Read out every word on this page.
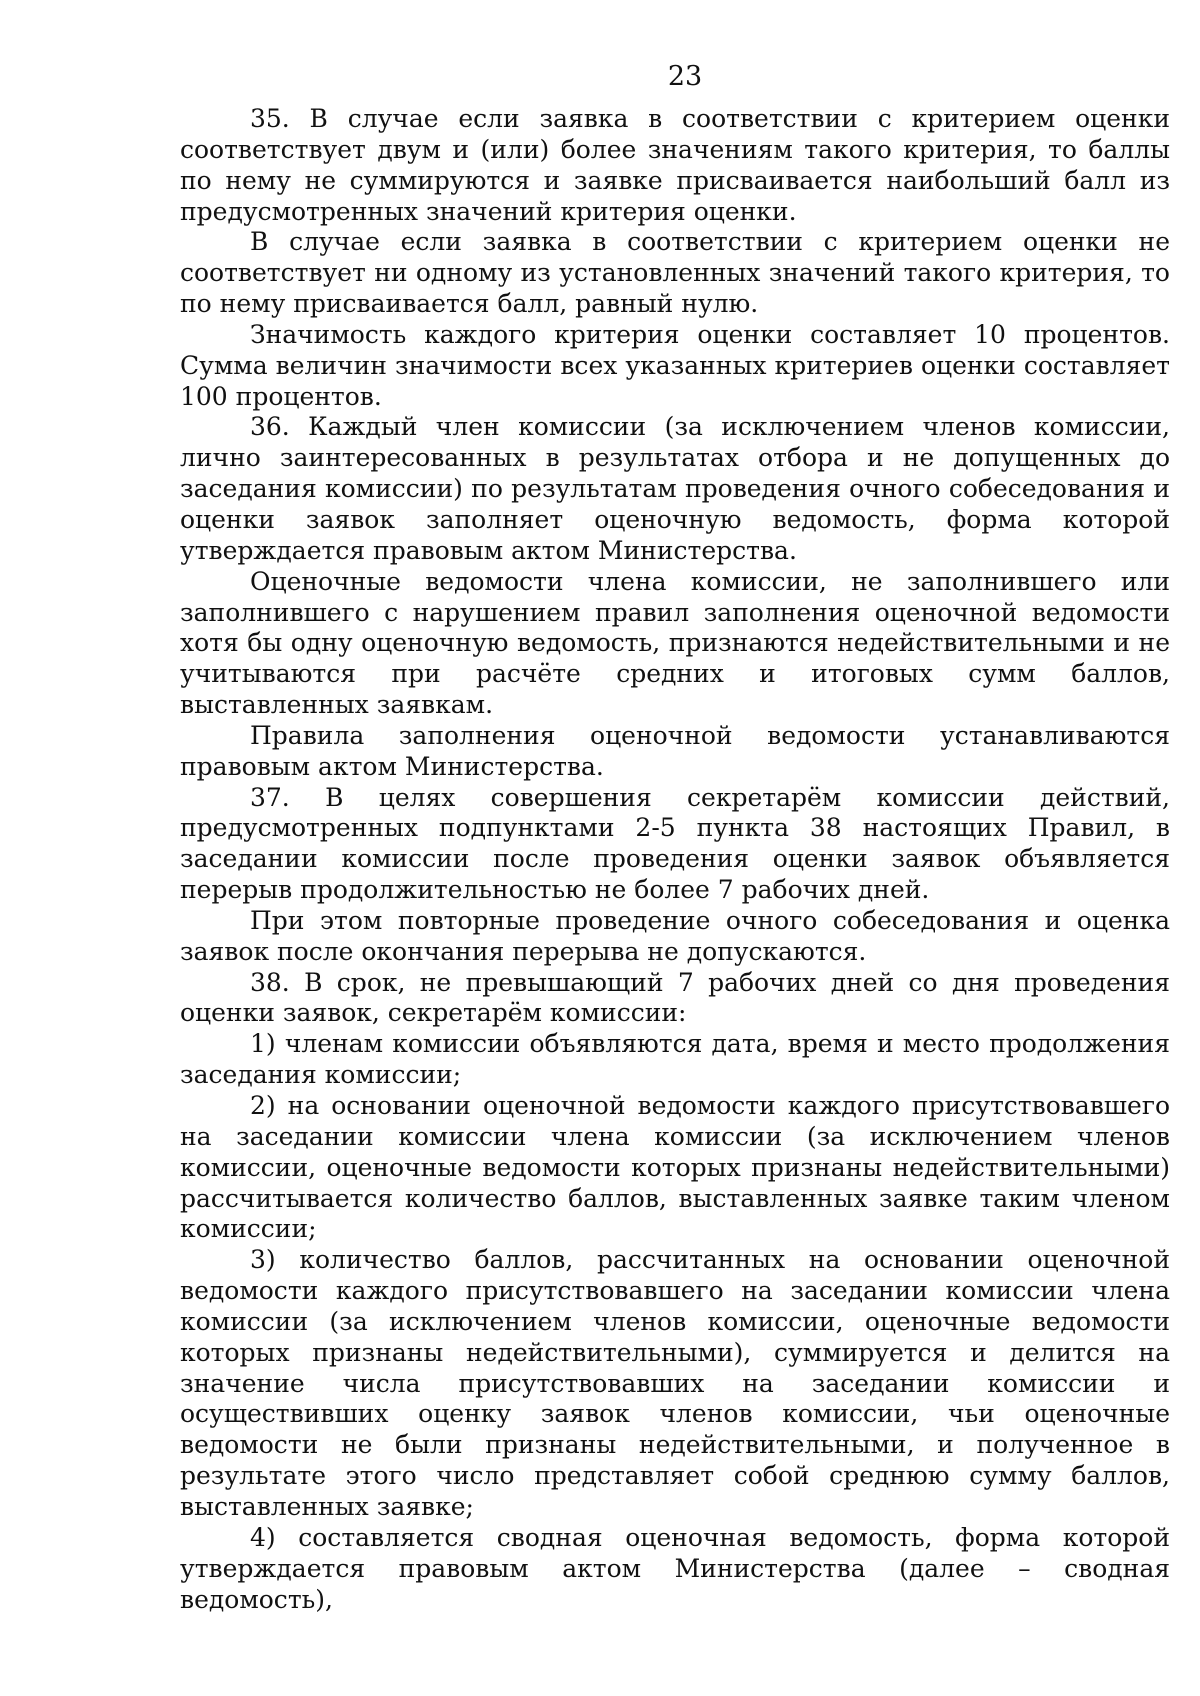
23

35. В случае если заявка в соответствии с критерием оценки соответствует двум и (или) более значениям такого критерия, то баллы по нему не суммируются и заявке присваивается наибольший балл из предусмотренных значений критерия оценки.

В случае если заявка в соответствии с критерием оценки не соответствует ни одному из установленных значений такого критерия, то по нему присваивается балл, равный нулю.

Значимость каждого критерия оценки составляет 10 процентов. Сумма величин значимости всех указанных критериев оценки составляет 100 процентов.

36. Каждый член комиссии (за исключением членов комиссии, лично заинтересованных в результатах отбора и не допущенных до заседания комиссии) по результатам проведения очного собеседования и оценки заявок заполняет оценочную ведомость, форма которой утверждается правовым актом Министерства.

Оценочные ведомости члена комиссии, не заполнившего или заполнившего с нарушением правил заполнения оценочной ведомости хотя бы одну оценочную ведомость, признаются недействительными и не учитываются при расчёте средних и итоговых сумм баллов, выставленных заявкам.

Правила заполнения оценочной ведомости устанавливаются правовым актом Министерства.

37. В целях совершения секретарём комиссии действий, предусмотренных подпунктами 2-5 пункта 38 настоящих Правил, в заседании комиссии после проведения оценки заявок объявляется перерыв продолжительностью не более 7 рабочих дней.

При этом повторные проведение очного собеседования и оценка заявок после окончания перерыва не допускаются.

38. В срок, не превышающий 7 рабочих дней со дня проведения оценки заявок, секретарём комиссии:

1) членам комиссии объявляются дата, время и место продолжения заседания комиссии;

2) на основании оценочной ведомости каждого присутствовавшего на заседании комиссии члена комиссии (за исключением членов комиссии, оценочные ведомости которых признаны недействительными) рассчитывается количество баллов, выставленных заявке таким членом комиссии;

3) количество баллов, рассчитанных на основании оценочной ведомости каждого присутствовавшего на заседании комиссии члена комиссии (за исключением членов комиссии, оценочные ведомости которых признаны недействительными), суммируется и делится на значение числа присутствовавших на заседании комиссии и осуществивших оценку заявок членов комиссии, чьи оценочные ведомости не были признаны недействительными, и полученное в результате этого число представляет собой среднюю сумму баллов, выставленных заявке;

4) составляется сводная оценочная ведомость, форма которой утверждается правовым актом Министерства (далее – сводная ведомость),
